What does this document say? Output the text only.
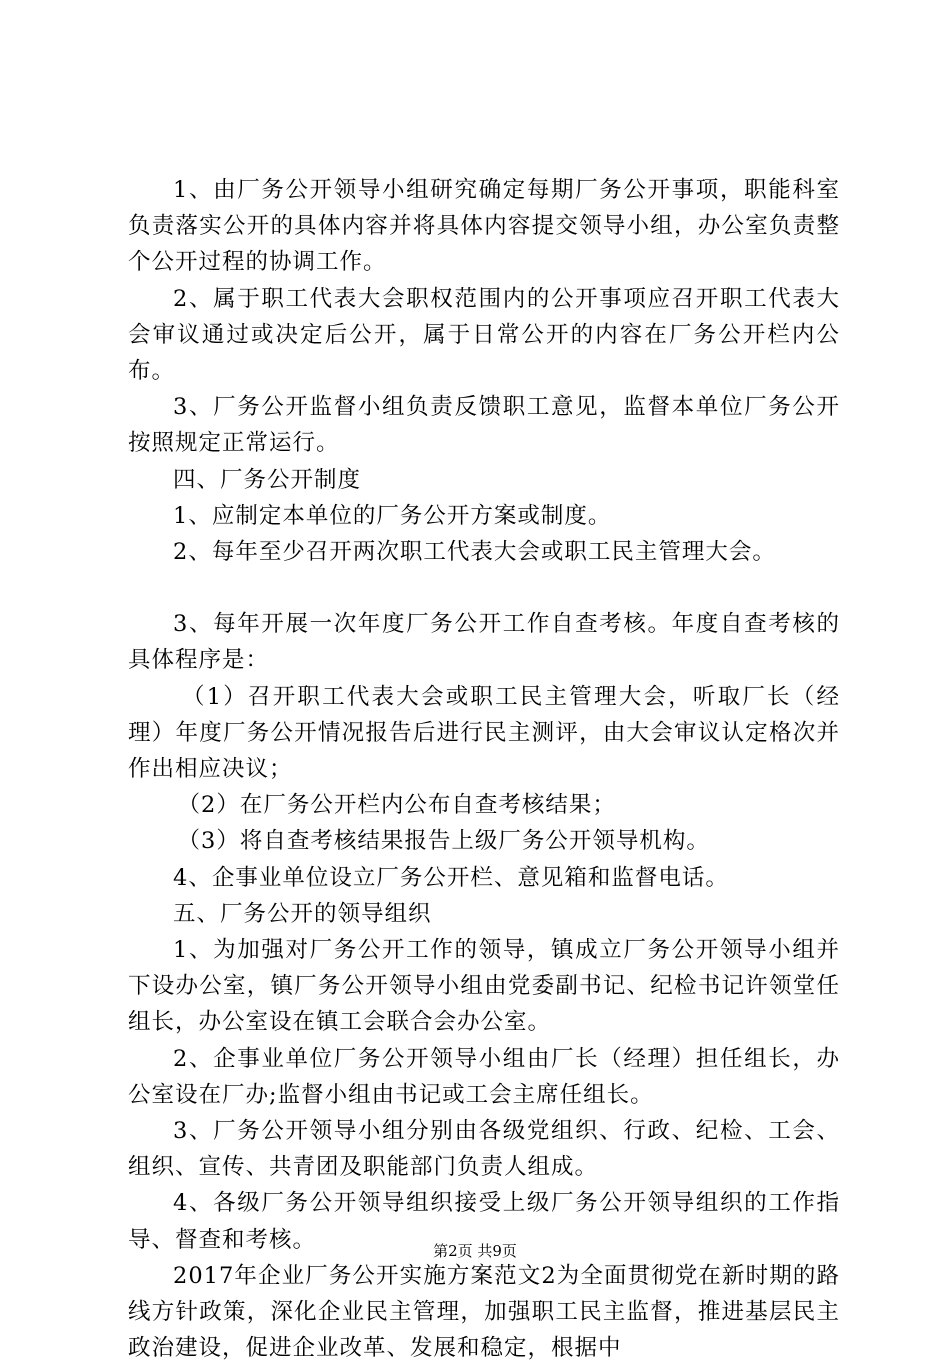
1、由厂务公开领导小组研究确定每期厂务公开事项，职能科室负责落实公开的具体内容并将具体内容提交领导小组，办公室负责整个公开过程的协调工作。

2、属于职工代表大会职权范围内的公开事项应召开职工代表大会审议通过或决定后公开，属于日常公开的内容在厂务公开栏内公布。

3、厂务公开监督小组负责反馈职工意见，监督本单位厂务公开按照规定正常运行。

四、厂务公开制度

1、应制定本单位的厂务公开方案或制度。

2、每年至少召开两次职工代表大会或职工民主管理大会。

3、每年开展一次年度厂务公开工作自查考核。年度自查考核的具体程序是：

（1）召开职工代表大会或职工民主管理大会，听取厂长（经理）年度厂务公开情况报告后进行民主测评，由大会审议认定格次并作出相应决议；

（2）在厂务公开栏内公布自查考核结果；

（3）将自查考核结果报告上级厂务公开领导机构。

4、企事业单位设立厂务公开栏、意见箱和监督电话。

五、厂务公开的领导组织

1、为加强对厂务公开工作的领导，镇成立厂务公开领导小组并下设办公室，镇厂务公开领导小组由党委副书记、纪检书记许领堂任组长，办公室设在镇工会联合会办公室。

2、企事业单位厂务公开领导小组由厂长（经理）担任组长，办公室设在厂办;监督小组由书记或工会主席任组长。

3、厂务公开领导小组分别由各级党组织、行政、纪检、工会、组织、宣传、共青团及职能部门负责人组成。

4、各级厂务公开领导组织接受上级厂务公开领导组织的工作指导、督查和考核。

2017年企业厂务公开实施方案范文2为全面贯彻党在新时期的路线方针政策，深化企业民主管理，加强职工民主监督，推进基层民主政治建设，促进企业改革、发展和稳定，根据中

第2页 共9页
